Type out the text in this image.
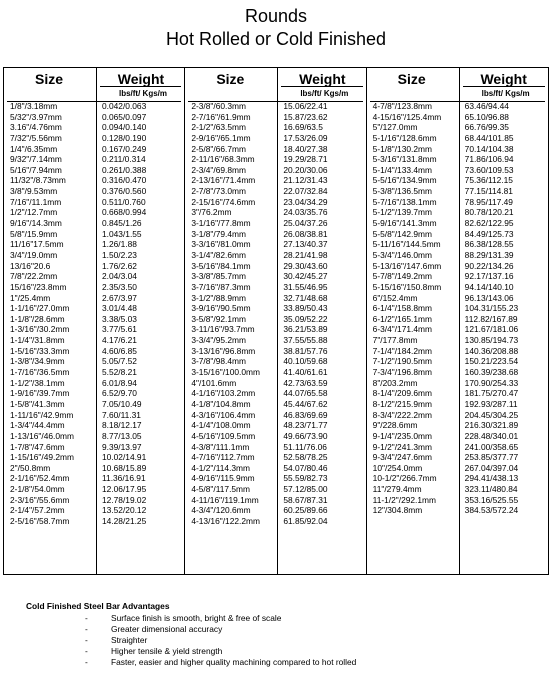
Rounds
Hot Rolled or Cold Finished
Size	Weight
lbs/ft/ Kgs/m
1/8"/3.18mm	0.042/0.063
5/32"/3.97mm	0.065/0.097
3.16"/4.76mm	0.094/0.140
7/32"/5.56mm	0.128/0.190
1/4"/6.35mm	0.167/0.249
9/32"/7.14mm	0.211/0.314
5/16"/7.94mm	0.261/0.388
11/32"/8.73mm	0.316/0.470
3/8"/9.53mm	0.376/0.560
7/16"/11.1mm	0.511/0.760
1/2"/12.7mm	0.668/0.994
9/16"/14.3mm	0.845/1.26
5/8"/15.9mm	1.043/1.55
11/16"17.5mm	1.26/1.88
3/4"/19.0mm	1.50/2.23
13/16"20.6	1.76/2.62
7/8"/22.2mm	2.04/3.04
15/16"/23.8mm	2.35/3.50
1"/25.4mm	2.67/3.97
1-1/16"/27.0mm	3.01/4.48
1-1/8"/28.6mm	3.38/5.03
1-3/16"/30.2mm	3.77/5.61
1-1/4"/31.8mm	4.17/6.21
1-5/16"/33.3mm	4.60/6.85
1-3/8"/34.9mm	5.05/7.52
1-7/16"/36.5mm	5.52/8.21
1-1/2"/38.1mm	6.01/8.94
1-9/16"/39.7mm	6.52/9.70
1-5/8"/41.3mm	7.05/10.49
1-11/16"/42.9mm	7.60/11.31
1-3/4"/44.4mm	8.18/12.17
1-13/16"/46.0mm	8.77/13.05
1-7/8"/47.6mm	9.39/13.97
1-15/16"/49.2mm	10.02/14.91
2"/50.8mm	10.68/15.89
2-1/16"/52.4mm	11.36/16.91
2-1/8"/54.0mm	12.06/17.95
2-3/16"/55.6mm	12.78/19.02
2-1/4"/57.2mm	13.52/20.12
2-5/16"/58.7mm	14.28/21.25
Size	Weight
lbs/ft/ Kgs/m
2-3/8"/60.3mm	15.06/22.41
2-7/16"/61.9mm	15.87/23.62
2-1/2"/63.5mm	16.69/63.5
2-9/16"/65.1mm	17.53/26.09
2-5/8"/66.7mm	18.40/27.38
2-11/16"/68.3mm	19.29/28.71
2-3/4"/69.8mm	20.20/30.06
2-13/16"/71.4mm	21.12/31.43
2-7/8"/73.0mm	22.07/32.84
2-15/16"/74.6mm	23.04/34.29
3"/76.2mm	24.03/35.76
3-1/16"/77.8mm	25.04/37.26
3-1/8"/79.4mm	26.08/38.81
3-3/16"/81.0mm	27.13/40.37
3-1/4"/82.6mm	28.21/41.98
3-5/16"/84.1mm	29.30/43.60
3-3/8"/85.7mm	30.42/45.27
3-7/16"/87.3mm	31.55/46.95
3-1/2"/88.9mm	32.71/48.68
3-9/16"/90.5mm	33.89/50.43
3-5/8"/92.1mm	35.09/52.22
3-11/16"/93.7mm	36.21/53.89
3-3/4"/95.2mm	37.55/55.88
3-13/16"/96.8mm	38.81/57.76
3-7/8"/98.4mm	40.10/59.68
3-15/16"/100.0mm	41.40/61.61
4"/101.6mm	42.73/63.59
4-1/16"/103.2mm	44.07/65.58
4-1/8"/104.8mm	45.44/67.62
4-3/16"/106.4mm	46.83/69.69
4-1/4"/108.0mm	48.23/71.77
4-5/16"/109.5mm	49.66/73.90
4-3/8"/111.1mm	51.11/76.06
4-7/16"/112.7mm	52.58/78.25
4-1/2"/114.3mm	54.07/80.46
4-9/16"/115.9mm	55.59/82.73
4-5/8"/117.5mm	57.12/85.00
4-11/16"/119.1mm	58.67/87.31
4-3/4"/120.6mm	60.25/89.66
4-13/16"/122.2mm	61.85/92.04
Size	Weight
lbs/ft/ Kgs/m
4-7/8"/123.8mm	63.46/94.44
4-15/16"/125.4mm	65.10/96.88
5"/127.0mm	66.76/99.35
5-1/16"/128.6mm	68.44/101.85
5-1/8"/130.2mm	70.14/104.38
5-3/16"/131.8mm	71.86/106.94
5-1/4"/133.4mm	73.60/109.53
5-5/16"/134.9mm	75.36/112.15
5-3/8"/136.5mm	77.15/114.81
5-7/16"/138.1mm	78.95/117.49
5-1/2"/139.7mm	80.78/120.21
5-9/16"/141.3mm	82.62/122.95
5-5/8"/142.9mm	84.49/125.73
5-11/16"/144.5mm	86.38/128.55
5-3/4"/146.0mm	88.29/131.39
5-13/16"/147.6mm	90.22/134.26
5-7/8"/149.2mm	92.17/137.16
5-15/16"/150.8mm	94.14/140.10
6"/152.4mm	96.13/143.06
6-1/4"/158.8mm	104.31/155.23
6-1/2"/165.1mm	112.82/167.89
6-3/4"/171.4mm	121.67/181.06
7"/177.8mm	130.85/194.73
7-1/4"/184.2mm	140.36/208.88
7-1/2"/190.5mm	150.21/223.54
7-3/4"/196.8mm	160.39/238.68
8"/203.2mm	170.90/254.33
8-1/4"/209.6mm	181.75/270.47
8-1/2"/215.9mm	192.93/287.11
8-3/4"/222.2mm	204.45/304.25
9"/228.6mm	216.30/321.89
9-1/4"/235.0mm	228.48/340.01
9-1/2"/241.3mm	241.00/358.65
9-3/4"/247.6mm	253.85/377.77
10"/254.0mm	267.04/397.04
10-1/2"/266.7mm	294.41/438.13
11"/279.4mm	323.11/480.84
11-1/2"/292.1mm	353.16/525.55
12"/304.8mm	384.53/572.24
Cold Finished Steel Bar Advantages
-	Surface finish is smooth, bright & free of scale
-	Greater dimensional accuracy
-	Straighter
-	Higher tensile & yield strength
-	Faster, easier and higher quality machining compared to hot rolled
